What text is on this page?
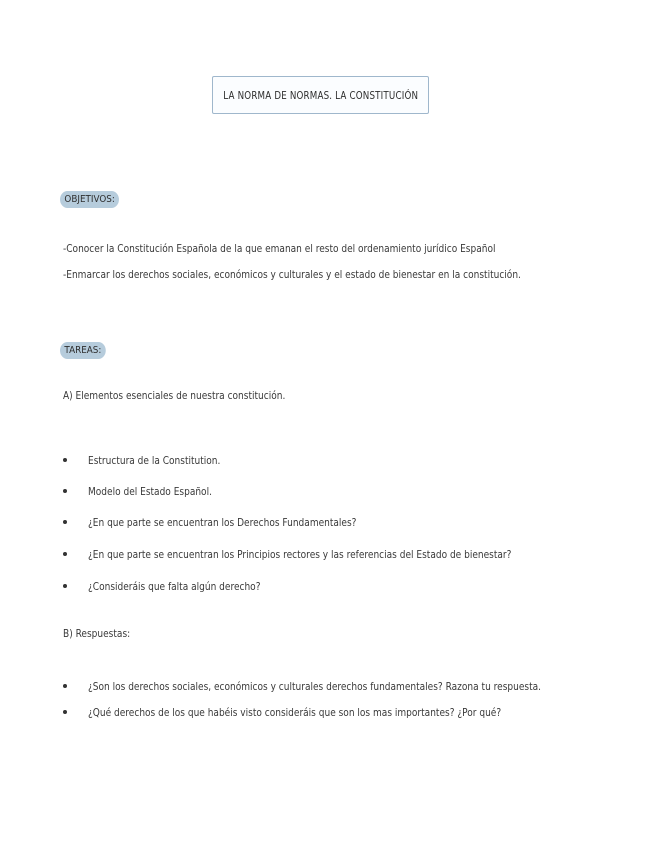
LA NORMA DE NORMAS. LA CONSTITUCIÓN
OBJETIVOS:
-Conocer la Constitución Española de la que emanan el resto del ordenamiento jurídico Español
-Enmarcar los derechos sociales, económicos y culturales y el estado de bienestar en la constitución.
TAREAS:
A) Elementos esenciales de nuestra constitución.
Estructura de la Constitution.
Modelo del Estado Español.
¿En que parte se encuentran los Derechos Fundamentales?
¿En que parte se encuentran los Principios rectores y las referencias del Estado de bienestar?
¿Consideráis que falta algún derecho?
B) Respuestas:
¿Son los derechos sociales, económicos y culturales derechos fundamentales? Razona tu respuesta.
¿Qué derechos de los que habéis visto consideráis que son los mas importantes? ¿Por qué?
